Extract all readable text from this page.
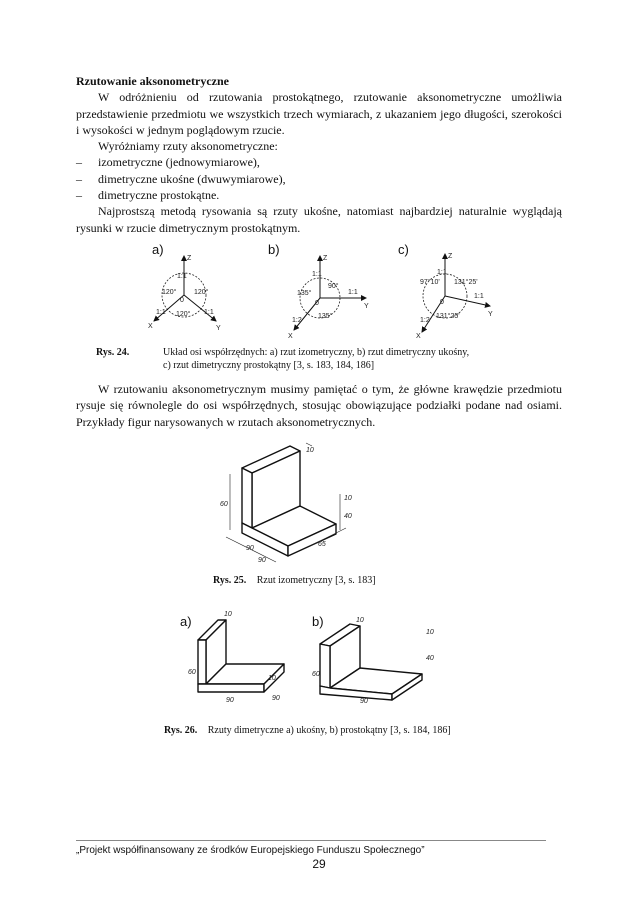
Rzutowanie aksonometryczne

W odróżnieniu od rzutowania prostokątnego, rzutowanie aksonometryczne umożliwia przedstawienie przedmiotu we wszystkich trzech wymiarach, z ukazaniem jego długości, szerokości i wysokości w jednym poglądowym rzucie.

Wyróżniamy rzuty aksonometryczne:

–	izometryczne (jednowymiarowe),
–	dimetryczne ukośne (dwuwymiarowe),
–	dimetryczne prostokątne.

Najprostszą metodą rysowania są rzuty ukośne, natomiast najbardziej naturalnie wyglądają rysunki w rzucie dimetrycznym prostokątnym.

a)
Z
X	Y
0
1:1
1:1	1:1
120°	120°
120°
b)
Z
X
Y
0
1:1
1:2
1:1
135°
90°
135°
c)	Z
X
Y
0
1:1
1:2
1:1
97°10' 131°25'
131°25'
Rys. 24.	Układ osi współrzędnych: a) rzut izometryczny, b) rzut dimetryczny ukośny,
c) rzut dimetryczny prostokątny [3, s. 183, 184, 186]

W rzutowaniu aksonometrycznym musimy pamiętać o tym, że główne krawędzie przedmiotu rysuje się równolegle do osi współrzędnych, stosując obowiązujące podziałki podane nad osiami. Przykłady figur narysowanych w rzutach aksonometrycznych.

60
10
10
40
90
90
65
Rys. 25. Rzut izometryczny [3, s. 183]
a)
60
90
10
10
90
b)
60
10
10
40
90
Rys. 26. Rzuty dimetryczne a) ukośny, b) prostokątny [3, s. 184, 186]
„Projekt współfinansowany ze środków Europejskiego Funduszu Społecznego”
29
